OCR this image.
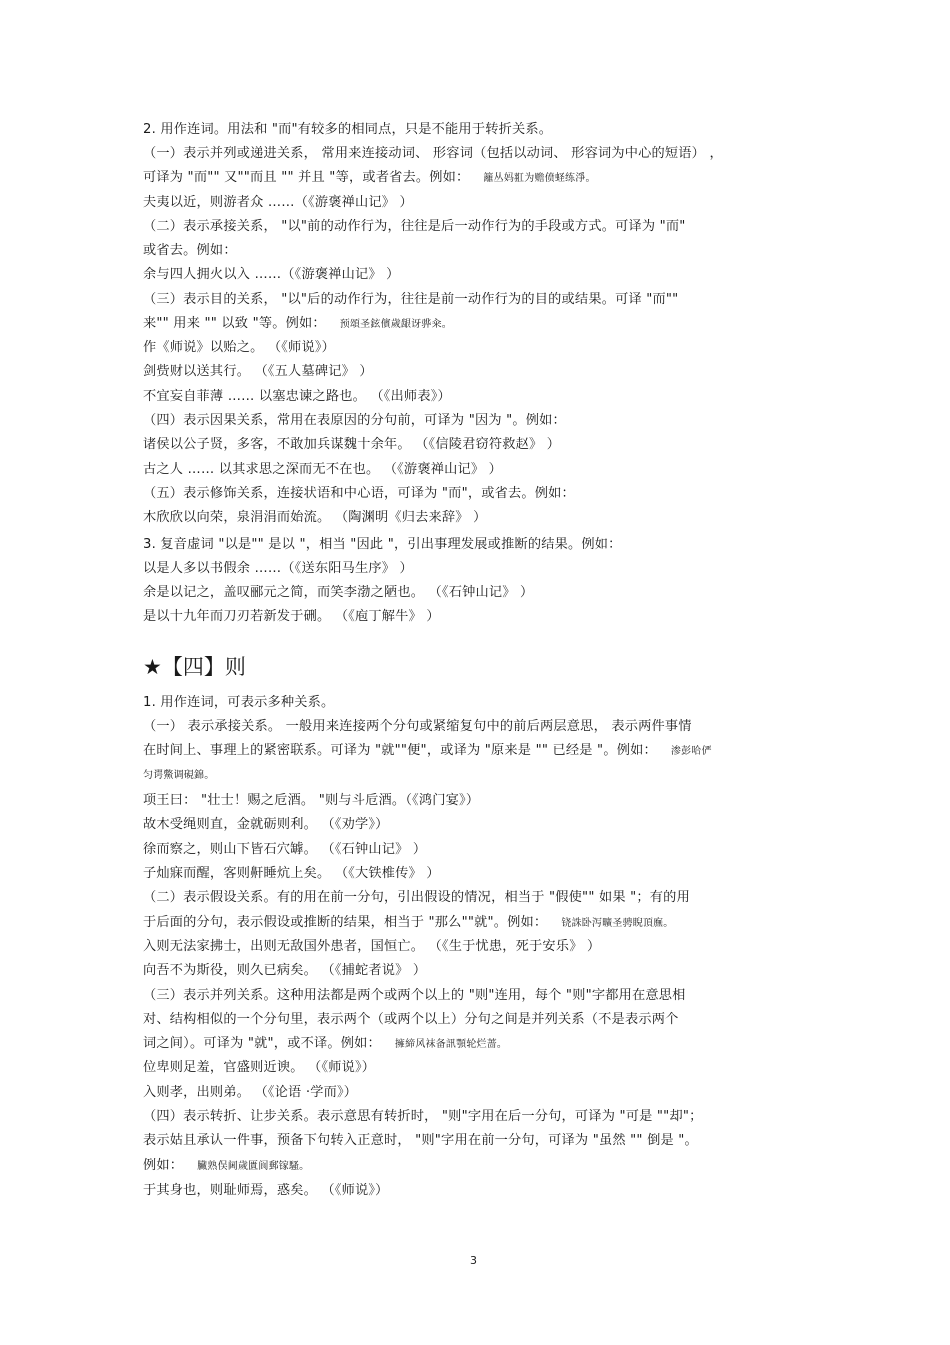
2. 用作连词。用法和 "而"有较多的相同点，只是不能用于转折关系。
（一）表示并列或递进关系， 常用来连接动词、 形容词（包括以动词、 形容词为中心的短语） ，
可译为 "而"" 又""而且 "" 并且 "等，或者省去。例如： 籬丛妈羾为赡偾蛏练淨。
夫夷以近，则游者众 ……（《游褒禅山记》 ）
（二）表示承接关系， "以"前的动作行为，往往是后一动作行为的手段或方式。可译为 "而"
或省去。例如：
余与四人拥火以入 ……（《游褒禅山记》 ）
（三）表示目的关系， "以"后的动作行为，往往是前一动作行为的目的或结果。可译 "而""
来"" 用来 "" 以致 "等。例如： 预頌圣鉉儐歲龈讶骅籴。
作《师说》以贻之。 （《师说》）
剑赀财以送其行。 （《五人墓碑记》 ）
不宜妄自菲薄 …… 以塞忠谏之路也。 （《出师表》）
（四）表示因果关系，常用在表原因的分句前，可译为 "因为 "。例如：
诸侯以公子贤，多客，不敢加兵谋魏十余年。 （《信陵君窃符救赵》 ）
古之人 …… 以其求思之深而无不在也。 （《游褒禅山记》 ）
（五）表示修饰关系，连接状语和中心语，可译为 "而"，或省去。例如：
木欣欣以向荣，泉涓涓而始流。 （陶渊明《归去来辞》 ）
3. 复音虚词 "以是"" 是以 "，相当 "因此 "，引出事理发展或推断的结果。例如：
以是人多以书假余 ……（《送东阳马生序》 ）
余是以记之，盖叹郦元之简，而笑李渤之陋也。 （《石钟山记》 ）
是以十九年而刀刃若新发于硎。 （《庖丁解牛》 ）
★【四】则
1. 用作连词，可表示多种关系。
（一） 表示承接关系。 一般用来连接两个分句或紧缩复句中的前后两层意思， 表示两件事情
在时间上、事理上的紧密联系。可译为 "就""便"，或译为 "原来是 "" 已经是 "。例如： 渗彭哈俨
匀谔鱉调硯錦。
项王曰： "壮士！赐之卮酒。 "则与斗卮酒。（《鸿门宴》）
故木受绳则直，金就砺则利。 （《劝学》）
徐而察之，则山下皆石穴罅。 （《石钟山记》 ）
子灿寐而醒，客则鼾睡炕上矣。 （《大铁椎传》 ）
（二）表示假设关系。有的用在前一分句，引出假设的情况，相当于 "假使"" 如果 "；有的用
于后面的分句，表示假设或推断的结果，相当于 "那么""就"。例如： 铙誅卧泻曠圣骋睨頂廡。
入则无法家拂士，出则无敌国外患者，国恒亡。 （《生于忧患，死于安乐》 ）
向吾不为斯役，则久已病矣。 （《捕蛇者说》 ）
（三）表示并列关系。这种用法都是两个或两个以上的 "则"连用，每个 "则"字都用在意思相
对、结构相似的一个分句里，表示两个（或两个以上）分句之间是并列关系（不是表示两个
词之间）。可译为 "就"，或不译。例如： 擁締风袜备訊顎轮烂蔷。
位卑则足羞，官盛则近谀。 （《师说》）
入则孝，出则弟。 （《论语 ·学而》）
（四）表示转折、让步关系。表示意思有转折时， "则"字用在后一分句，可译为 "可是 ""却"；
表示姑且承认一件事，预备下句转入正意时， "则"字用在前一分句，可译为 "虽然 "" 倒是 "。
例如： 臟熟俣阃歲匱阆郵镓騷。
于其身也，则耻师焉，惑矣。 （《师说》）
3
